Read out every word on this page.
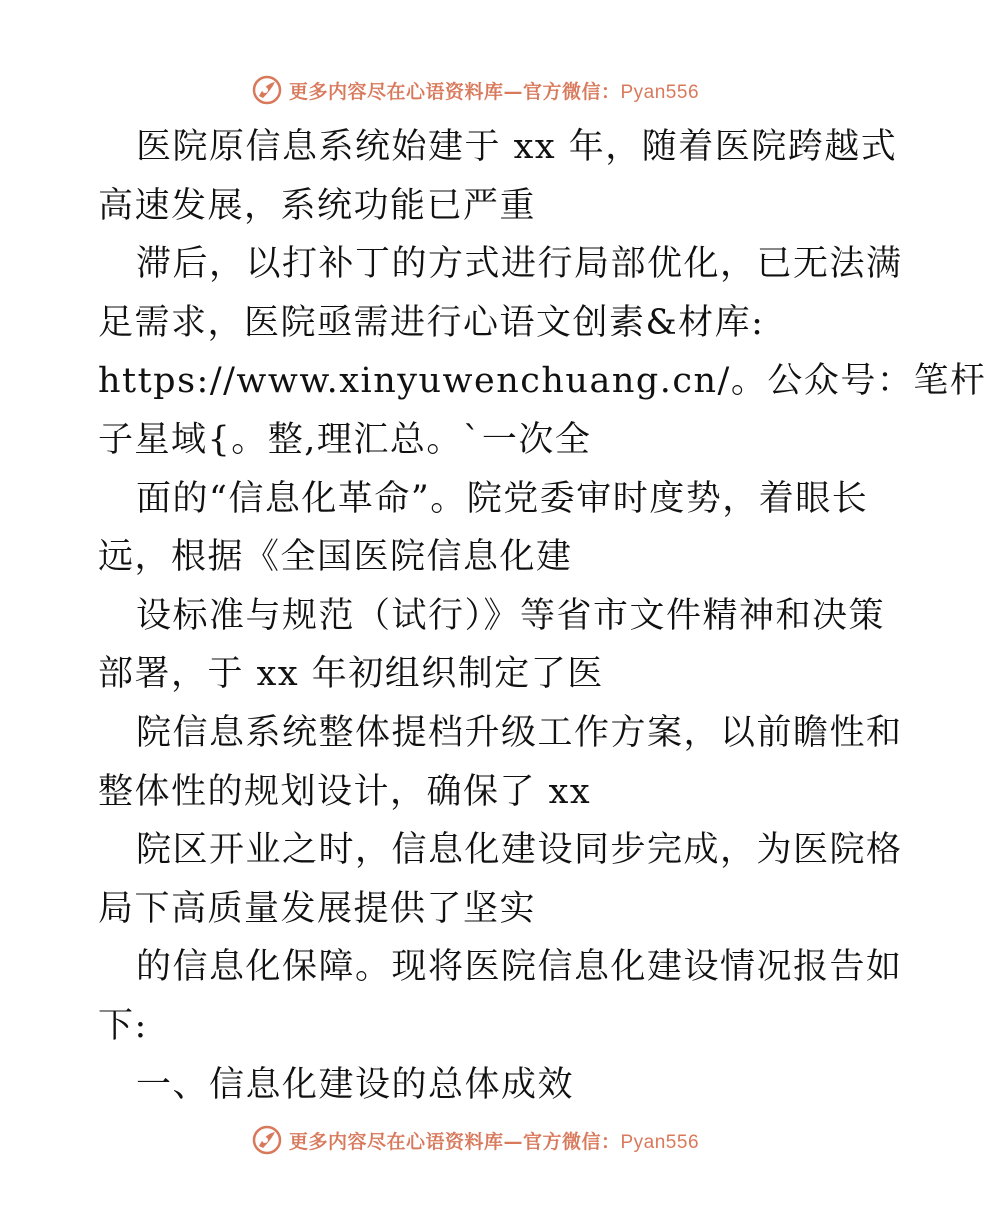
更多内容尽在心语资料库—官方微信：Pyan556
医院原信息系统始建于 xx 年，随着医院跨越式
高速发展，系统功能已严重
滞后，以打补丁的方式进行局部优化，已无法满
足需求，医院亟需进行心语文创素&材库:
https://www.xinyuwenchuang.cn/。公众号：笔杆
子星域{。整,理汇总。`一次全
面的“信息化革命”。院党委审时度势，着眼长
远，根据《全国医院信息化建
设标准与规范（试行）》等省市文件精神和决策
部署，于 xx 年初组织制定了医
院信息系统整体提档升级工作方案，以前瞻性和
整体性的规划设计，确保了 xx
院区开业之时，信息化建设同步完成，为医院格
局下高质量发展提供了坚实
的信息化保障。现将医院信息化建设情况报告如
下:
一、信息化建设的总体成效
更多内容尽在心语资料库—官方微信：Pyan556
